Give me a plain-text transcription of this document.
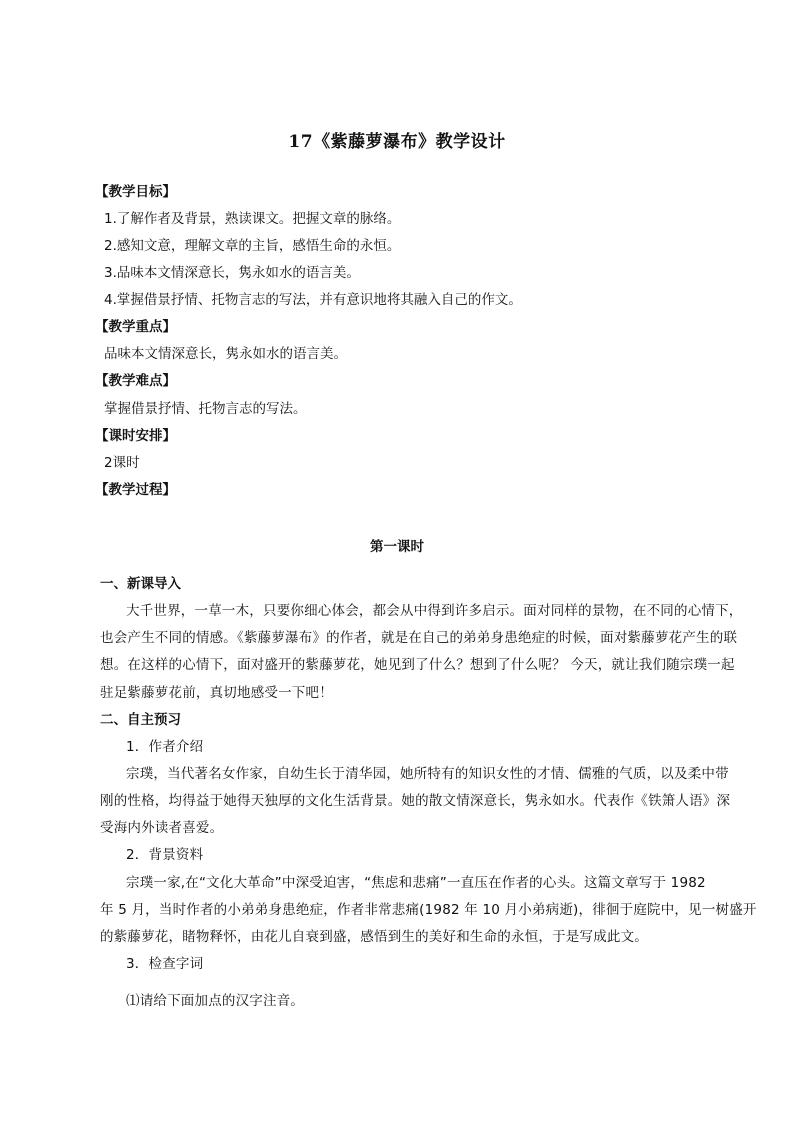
17《紫藤萝瀑布》教学设计
【教学目标】
1.了解作者及背景，熟读课文。把握文章的脉络。
2.感知文意，理解文章的主旨，感悟生命的永恒。
3.品味本文情深意长，隽永如水的语言美。
4.掌握借景抒情、托物言志的写法，并有意识地将其融入自己的作文。
【教学重点】
品味本文情深意长，隽永如水的语言美。
【教学难点】
掌握借景抒情、托物言志的写法。
【课时安排】
2课时
【教学过程】
第一课时
一、新课导入
大千世界，一草一木，只要你细心体会，都会从中得到许多启示。面对同样的景物，在不同的心情下，
也会产生不同的情感。《紫藤萝瀑布》的作者，就是在自己的弟弟身患绝症的时候，面对紫藤萝花产生的联
想。在这样的心情下，面对盛开的紫藤萝花，她见到了什么？想到了什么呢？ 今天，就让我们随宗璞一起
驻足紫藤萝花前，真切地感受一下吧！
二、自主预习
1．作者介绍
宗璞，当代著名女作家，自幼生长于清华园，她所特有的知识女性的才情、儒雅的气质，以及柔中带
刚的性格，均得益于她得天独厚的文化生活背景。她的散文情深意长，隽永如水。代表作《铁箫人语》深
受海内外读者喜爱。
2．背景资料
宗璞一家,在“文化大革命”中深受迫害，“焦虑和悲痛”一直压在作者的心头。这篇文章写于 1982
年 5 月，当时作者的小弟弟身患绝症，作者非常悲痛(1982 年 10 月小弟病逝)，徘徊于庭院中，见一树盛开
的紫藤萝花，睹物释怀，由花儿自衰到盛，感悟到生的美好和生命的永恒，于是写成此文。
3．检查字词
⑴请给下面加点的汉字注音。
